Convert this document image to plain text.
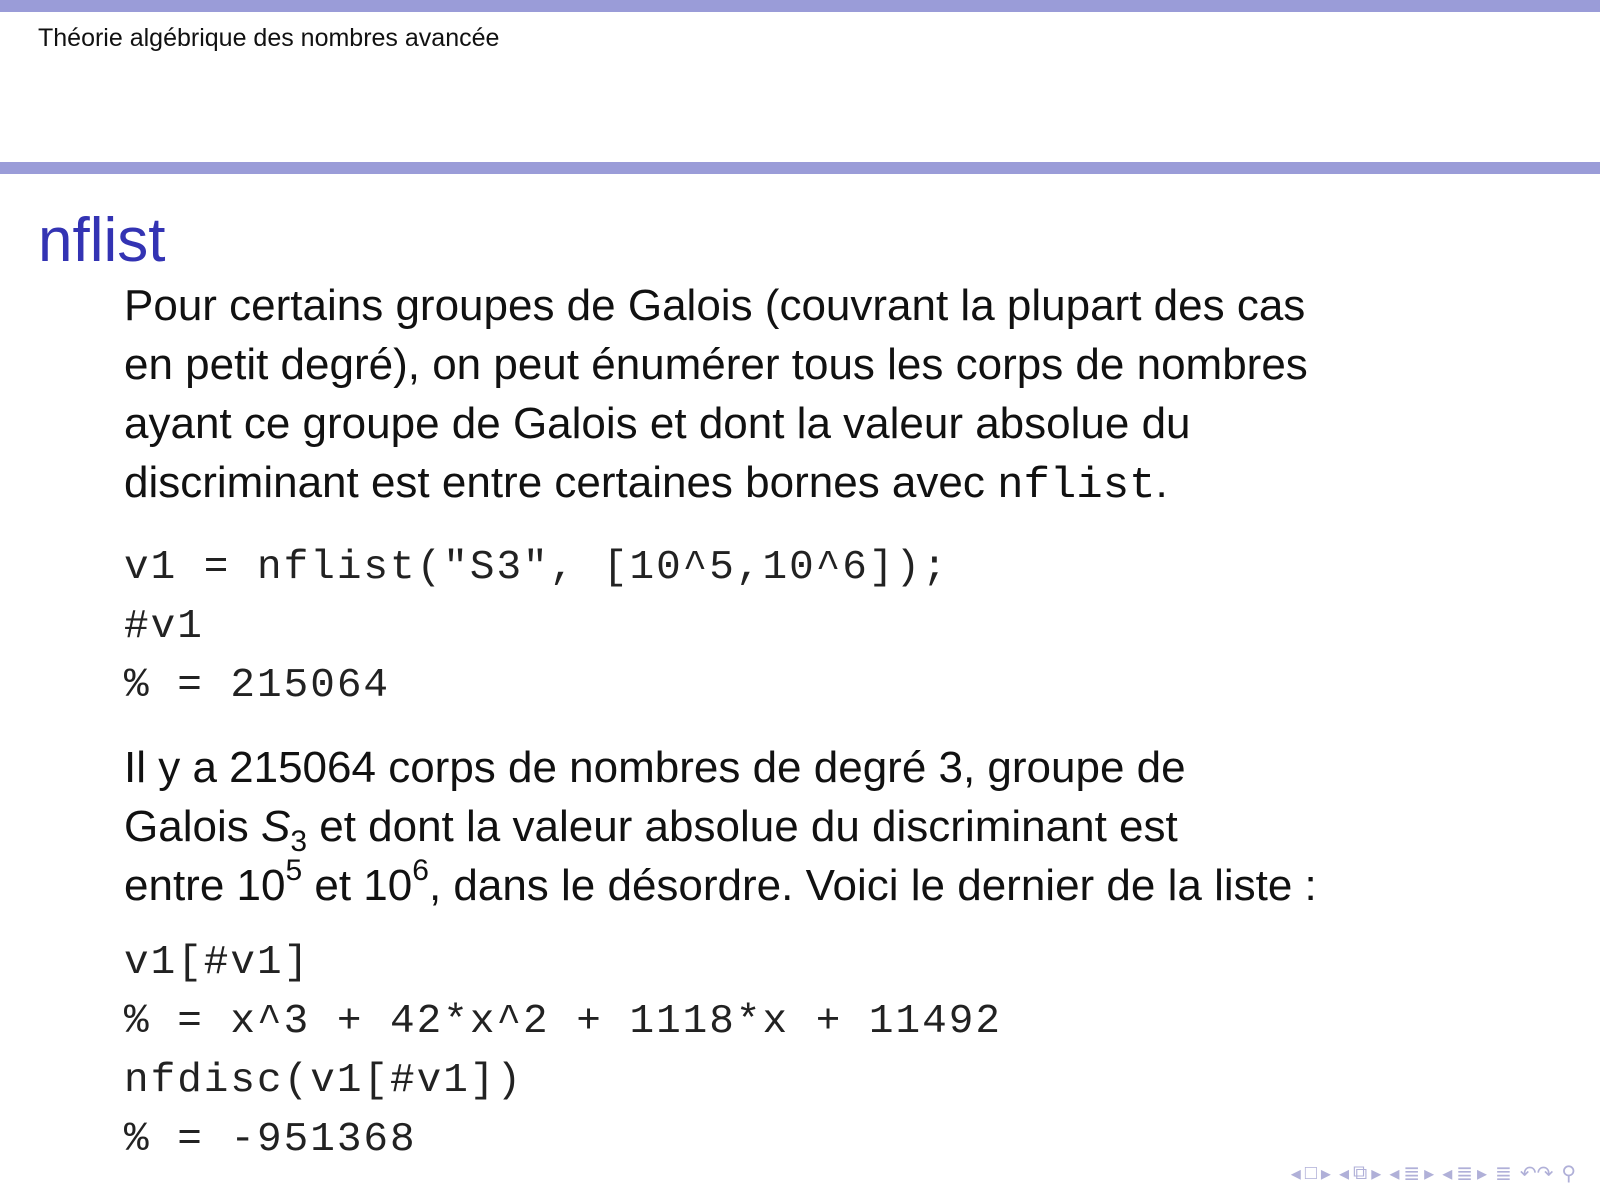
Théorie algébrique des nombres avancée
nflist

Pour certains groupes de Galois (couvrant la plupart des cas

en petit degré), on peut énumérer tous les corps de nombres

ayant ce groupe de Galois et dont la valeur absolue du

discriminant est entre certaines bornes avec nflist.

v1 = nflist("S3", [10^5,10^6]);
#v1
% = 215064

Il y a 215064 corps de nombres de degré 3, groupe de

Galois $S_3$ et dont la valeur absolue du discriminant est

entre $10^5$ et $10^6$, dans le désordre. Voici le dernier de la liste :

v1[#v1]
% = x^3 + 42*x^2 + 1118*x + 11492
nfdisc(v1[#v1])
% = -951368
◂ □ ▸ ◂ ⧉ ▸ ◂ ≣ ▸ ◂ ≣ ▸ ≣ ↶↷ ⚲
